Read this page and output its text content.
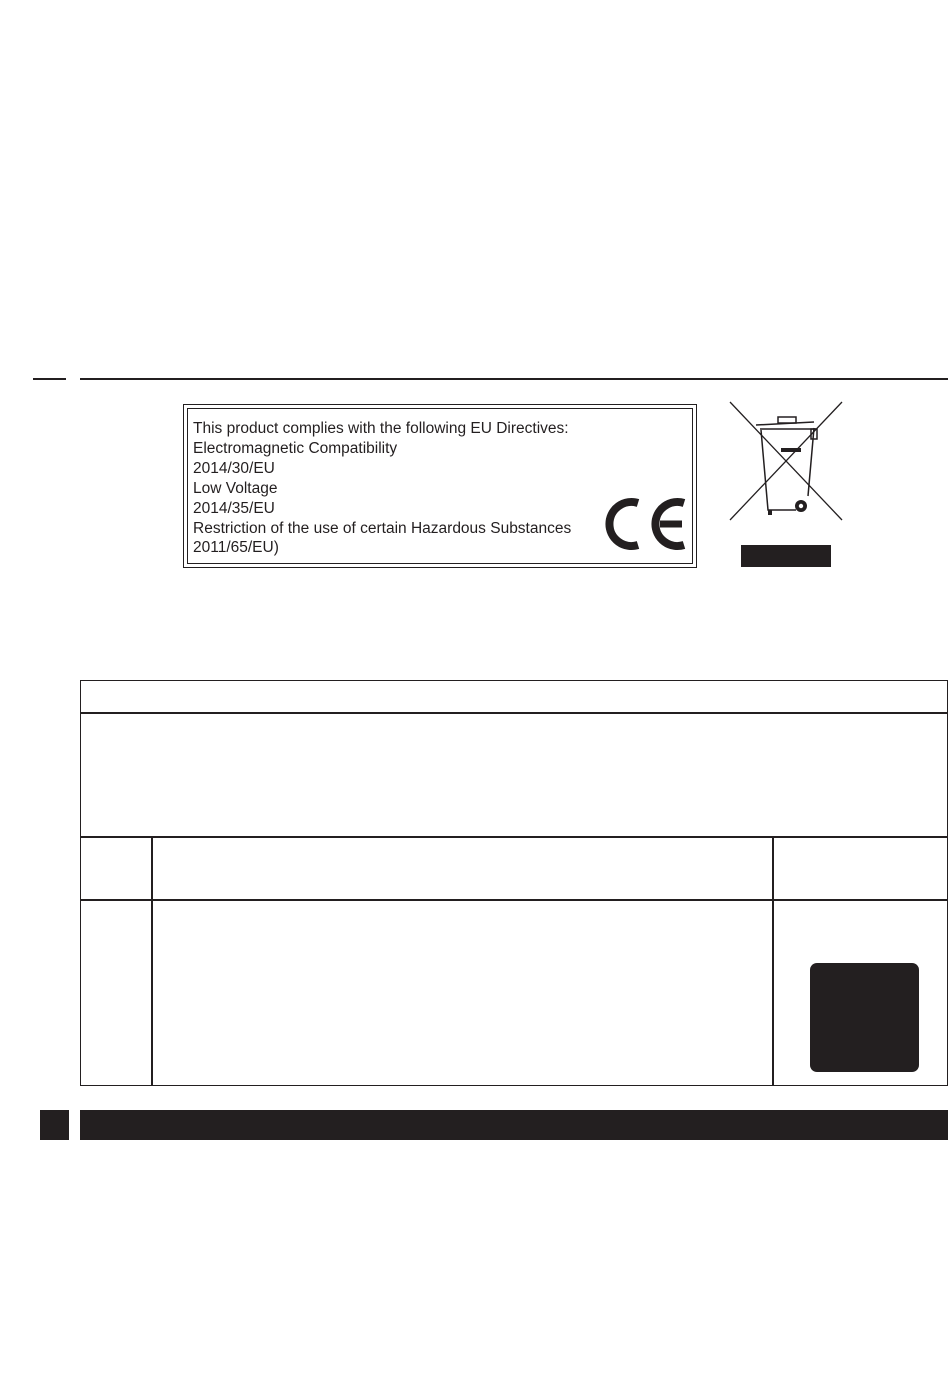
This product complies with the following EU Directives:
Electromagnetic Compatibility
2014/30/EU
Low Voltage
2014/35/EU
Restriction of the use of certain Hazardous Substances
2011/65/EU)
